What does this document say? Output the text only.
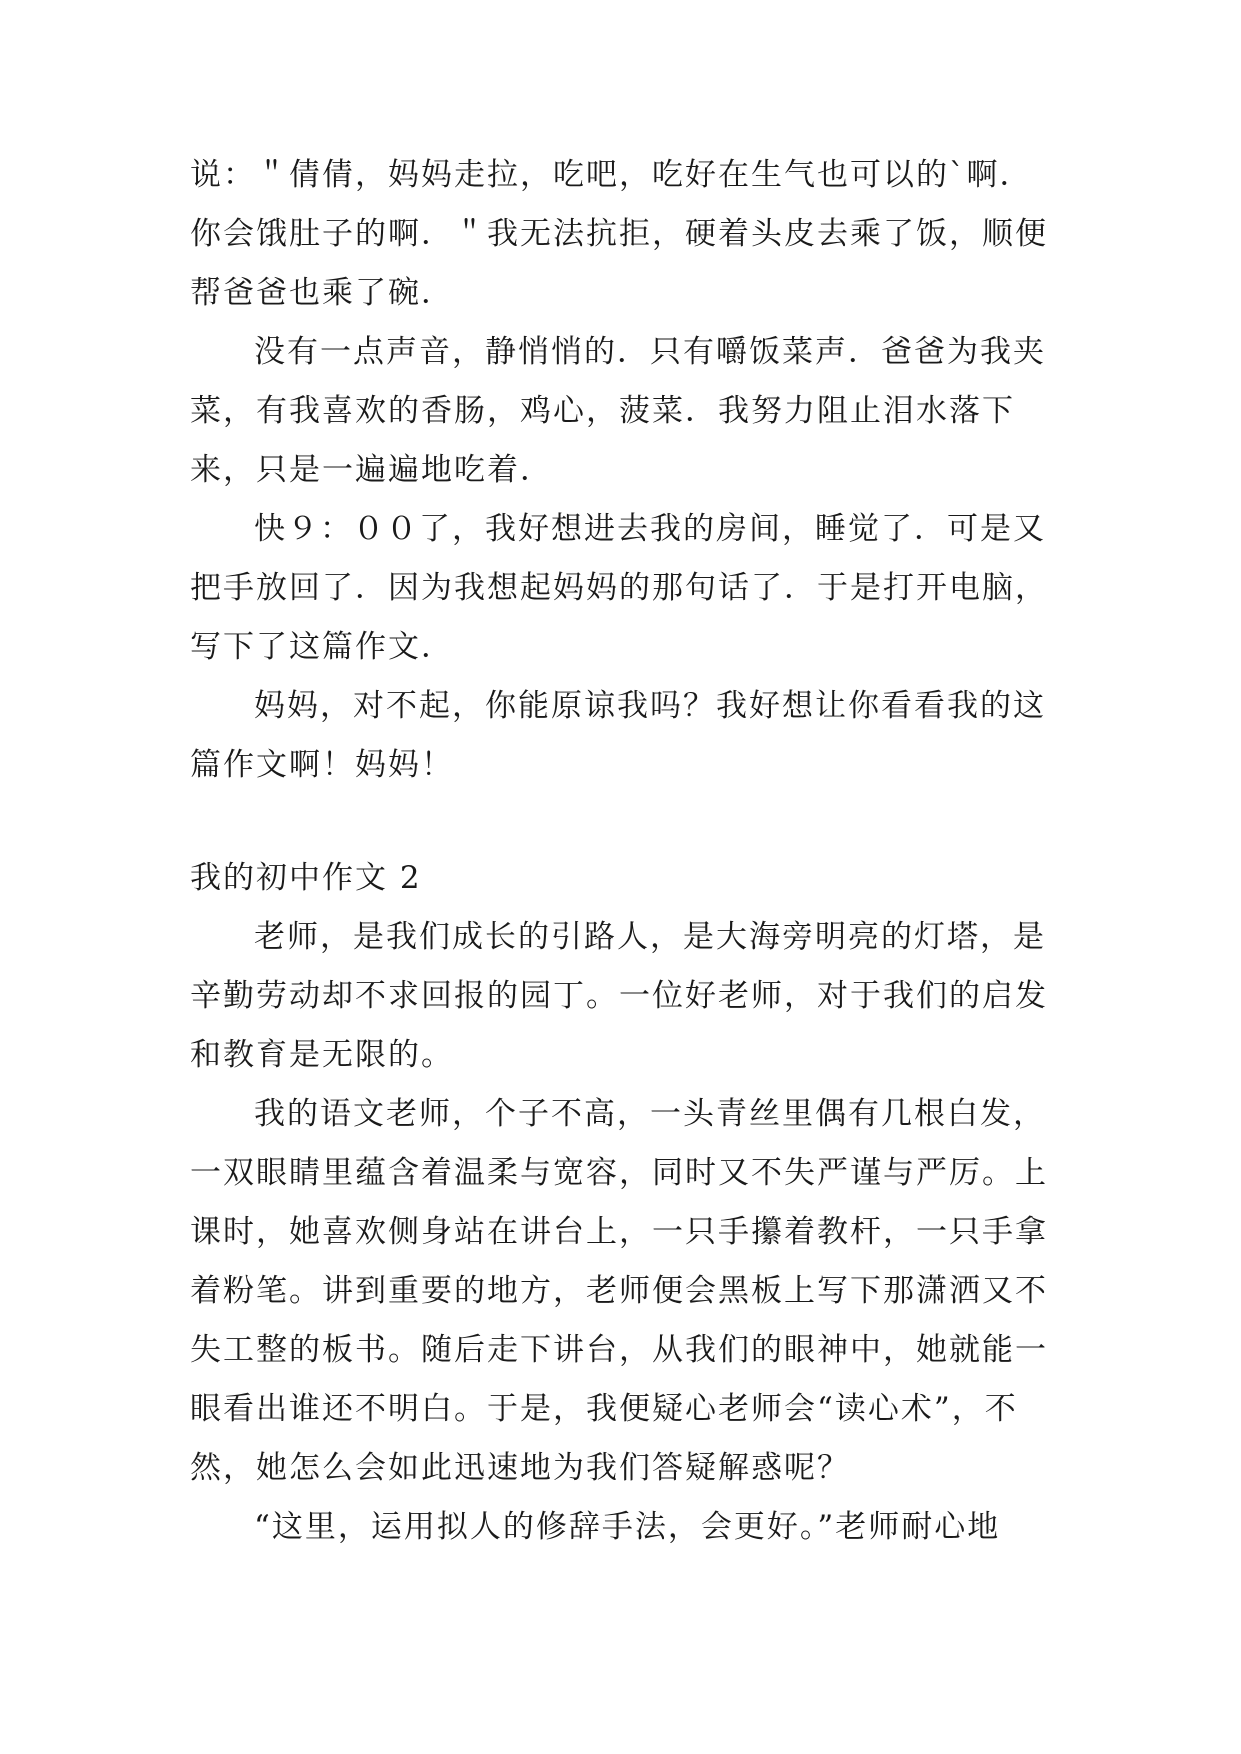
说：＂倩倩，妈妈走拉，吃吧，吃好在生气也可以的`啊．你会饿肚子的啊．＂我无法抗拒，硬着头皮去乘了饭，顺便帮爸爸也乘了碗．

没有一点声音，静悄悄的．只有嚼饭菜声．爸爸为我夹菜，有我喜欢的香肠，鸡心，菠菜．我努力阻止泪水落下来，只是一遍遍地吃着．

快９：００了，我好想进去我的房间，睡觉了．可是又把手放回了．因为我想起妈妈的那句话了．于是打开电脑，写下了这篇作文．

妈妈，对不起，你能原谅我吗？我好想让你看看我的这篇作文啊！妈妈！

我的初中作文 2

老师，是我们成长的引路人，是大海旁明亮的灯塔，是辛勤劳动却不求回报的园丁。一位好老师，对于我们的启发和教育是无限的。

我的语文老师，个子不高，一头青丝里偶有几根白发，一双眼睛里蕴含着温柔与宽容，同时又不失严谨与严厉。上课时，她喜欢侧身站在讲台上，一只手攥着教杆，一只手拿着粉笔。讲到重要的地方，老师便会黑板上写下那潇洒又不失工整的板书。随后走下讲台，从我们的眼神中，她就能一眼看出谁还不明白。于是，我便疑心老师会“读心术”，不然，她怎么会如此迅速地为我们答疑解惑呢？

“这里，运用拟人的修辞手法，会更好。”老师耐心地
